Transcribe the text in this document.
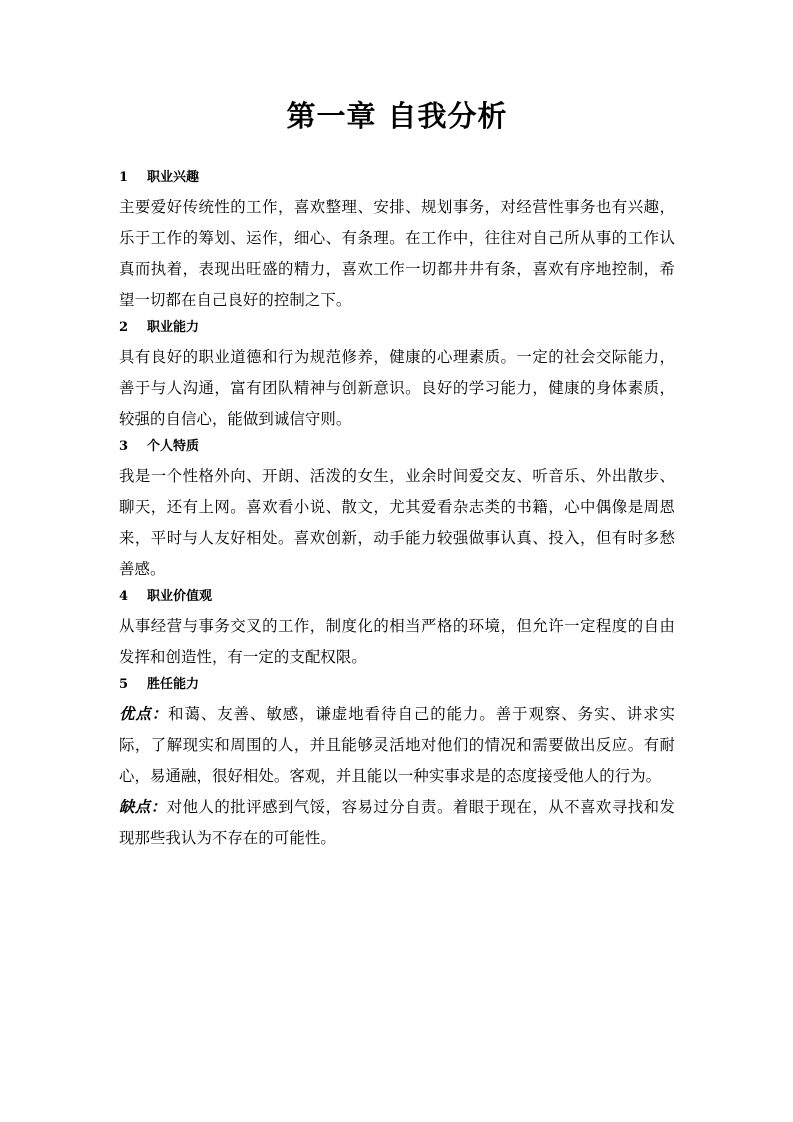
第一章 自我分析
1	职业兴趣

主要爱好传统性的工作，喜欢整理、安排、规划事务，对经营性事务也有兴趣，乐于工作的筹划、运作，细心、有条理。在工作中，往往对自己所从事的工作认真而执着，表现出旺盛的精力，喜欢工作一切都井井有条，喜欢有序地控制，希望一切都在自己良好的控制之下。

2	职业能力

具有良好的职业道德和行为规范修养，健康的心理素质。一定的社会交际能力，善于与人沟通，富有团队精神与创新意识。良好的学习能力，健康的身体素质，较强的自信心，能做到诚信守则。

3	个人特质

我是一个性格外向、开朗、活泼的女生，业余时间爱交友、听音乐、外出散步、聊天，还有上网。喜欢看小说、散文，尤其爱看杂志类的书籍，心中偶像是周恩来，平时与人友好相处。喜欢创新，动手能力较强做事认真、投入，但有时多愁善感。

4	职业价值观

从事经营与事务交叉的工作，制度化的相当严格的环境，但允许一定程度的自由发挥和创造性，有一定的支配权限。

5	胜任能力

优点：和蔼、友善、敏感，谦虚地看待自己的能力。善于观察、务实、讲求实际，了解现实和周围的人，并且能够灵活地对他们的情况和需要做出反应。有耐心，易通融，很好相处。客观，并且能以一种实事求是的态度接受他人的行为。

缺点：对他人的批评感到气馁，容易过分自责。着眼于现在，从不喜欢寻找和发现那些我认为不存在的可能性。
